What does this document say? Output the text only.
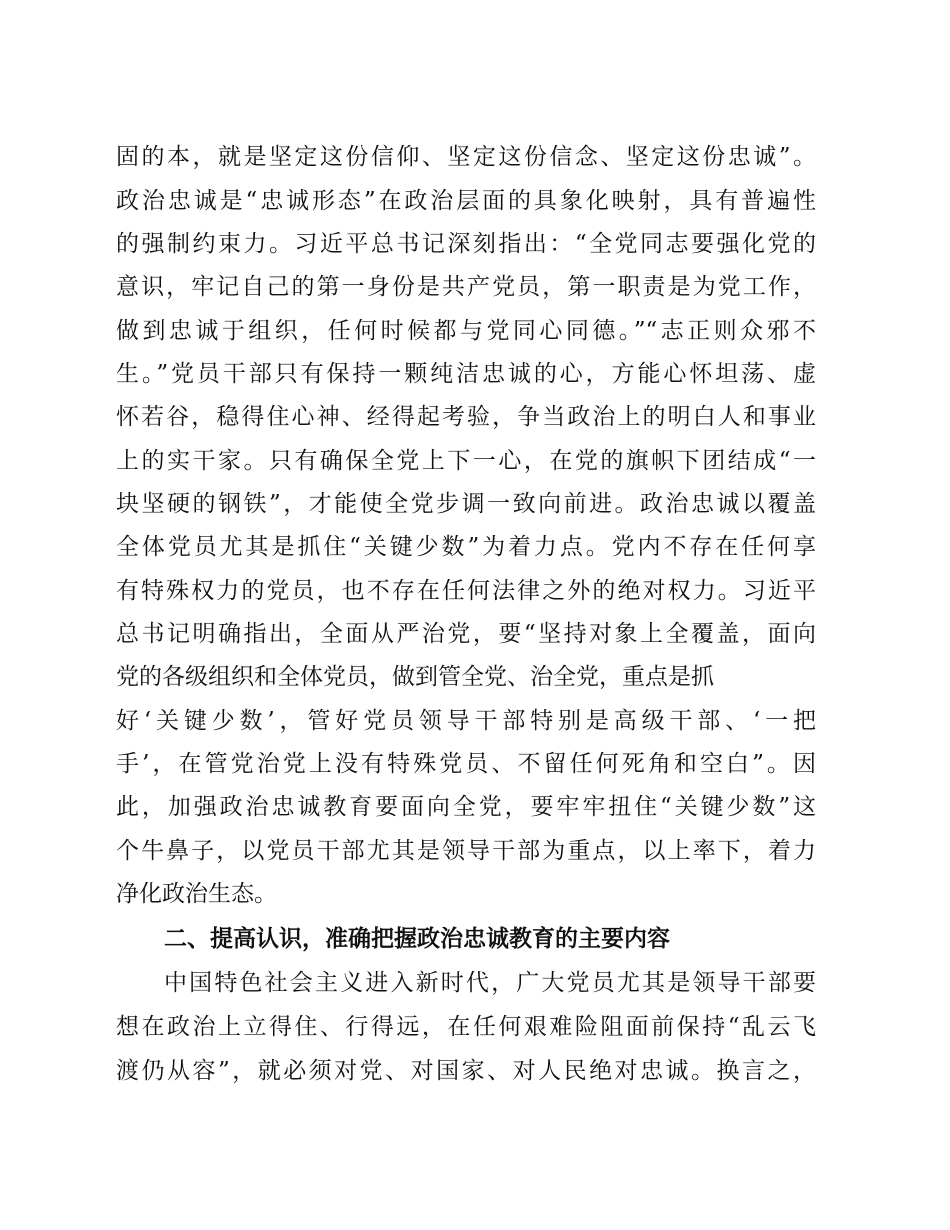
固的本，就是坚定这份信仰、坚定这份信念、坚定这份忠诚”。
政治忠诚是“忠诚形态”在政治层面的具象化映射，具有普遍性
的强制约束力。习近平总书记深刻指出：“全党同志要强化党的
意识，牢记自己的第一身份是共产党员，第一职责是为党工作，
做到忠诚于组织，任何时候都与党同心同德。”“志正则众邪不
生。”党员干部只有保持一颗纯洁忠诚的心，方能心怀坦荡、虚
怀若谷，稳得住心神、经得起考验，争当政治上的明白人和事业
上的实干家。只有确保全党上下一心，在党的旗帜下团结成“一
块坚硬的钢铁”，才能使全党步调一致向前进。政治忠诚以覆盖
全体党员尤其是抓住“关键少数”为着力点。党内不存在任何享
有特殊权力的党员，也不存在任何法律之外的绝对权力。习近平
总书记明确指出，全面从严治党，要“坚持对象上全覆盖，面向
党的各级组织和全体党员，做到管全党、治全党，重点是抓
好‘关键少数’，管好党员领导干部特别是高级干部、‘一把
手’，在管党治党上没有特殊党员、不留任何死角和空白”。因
此，加强政治忠诚教育要面向全党，要牢牢扭住“关键少数”这
个牛鼻子，以党员干部尤其是领导干部为重点，以上率下，着力
净化政治生态。
二、提高认识，准确把握政治忠诚教育的主要内容
中国特色社会主义进入新时代，广大党员尤其是领导干部要
想在政治上立得住、行得远，在任何艰难险阻面前保持“乱云飞
渡仍从容”，就必须对党、对国家、对人民绝对忠诚。换言之，
